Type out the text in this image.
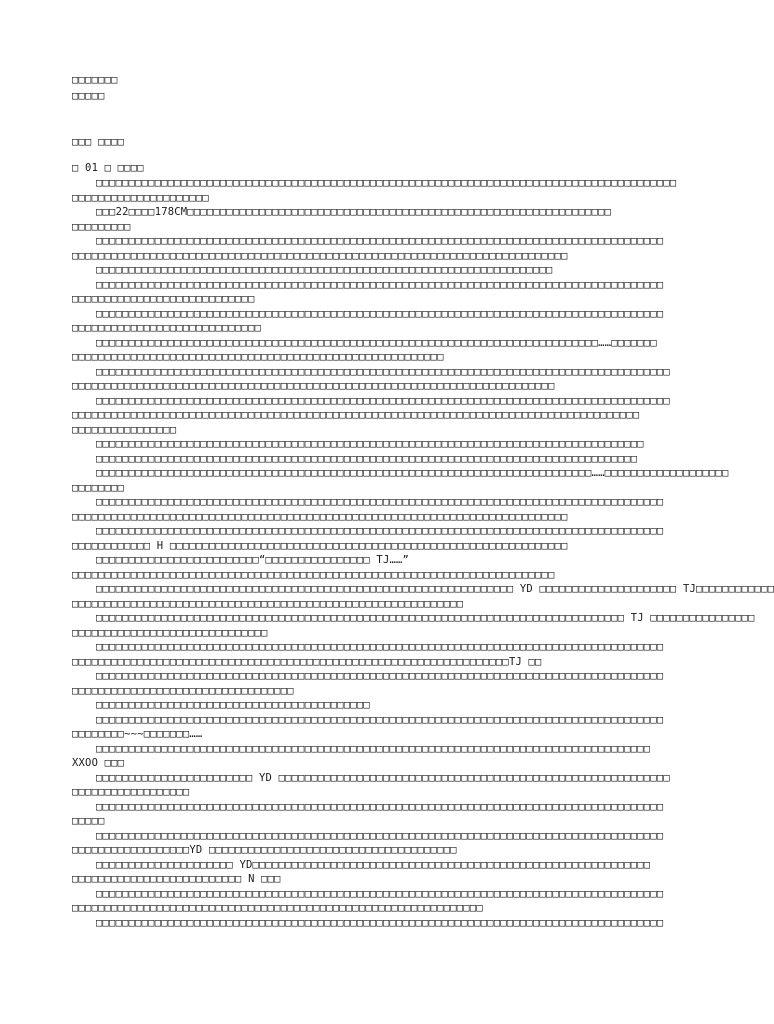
□□□□□□□
□□□□□
□□□ □□□□
□ 01 □ □□□□
□□□□□□□□□□□□□□□□□□□□□□□□□□□□□□□□□□□□□□□□□□□□□□□□□□□□□□□□□□□□□□□□□□□□□□□□□□□□□□□□□□□□□□□□□
□□□□□□□□□□□□□□□□□□□□□
□□□22□□□□178CM□□□□□□□□□□□□□□□□□□□□□□□□□□□□□□□□□□□□□□□□□□□□□□□□□□□□□□□□□□□□□□□□□
□□□□□□□□□
□□□□□□□□□□□□□□□□□□□□□□□□□□□□□□□□□□□□□□□□□□□□□□□□□□□□□□□□□□□□□□□□□□□□□□□□□□□□□□□□□□□□□□□
□□□□□□□□□□□□□□□□□□□□□□□□□□□□□□□□□□□□□□□□□□□□□□□□□□□□□□□□□□□□□□□□□□□□□□□□□□□□
□□□□□□□□□□□□□□□□□□□□□□□□□□□□□□□□□□□□□□□□□□□□□□□□□□□□□□□□□□□□□□□□□□□□□□
□□□□□□□□□□□□□□□□□□□□□□□□□□□□□□□□□□□□□□□□□□□□□□□□□□□□□□□□□□□□□□□□□□□□□□□□□□□□□□□□□□□□□□□
□□□□□□□□□□□□□□□□□□□□□□□□□□□□
□□□□□□□□□□□□□□□□□□□□□□□□□□□□□□□□□□□□□□□□□□□□□□□□□□□□□□□□□□□□□□□□□□□□□□□□□□□□□□□□□□□□□□□
□□□□□□□□□□□□□□□□□□□□□□□□□□□□□
□□□□□□□□□□□□□□□□□□□□□□□□□□□□□□□□□□□□□□□□□□□□□□□□□□□□□□□□□□□□□□□□□□□□□□□□□□□□□……□□□□□□□
□□□□□□□□□□□□□□□□□□□□□□□□□□□□□□□□□□□□□□□□□□□□□□□□□□□□□□□□□
□□□□□□□□□□□□□□□□□□□□□□□□□□□□□□□□□□□□□□□□□□□□□□□□□□□□□□□□□□□□□□□□□□□□□□□□□□□□□□□□□□□□□□□□
□□□□□□□□□□□□□□□□□□□□□□□□□□□□□□□□□□□□□□□□□□□□□□□□□□□□□□□□□□□□□□□□□□□□□□□□□□
□□□□□□□□□□□□□□□□□□□□□□□□□□□□□□□□□□□□□□□□□□□□□□□□□□□□□□□□□□□□□□□□□□□□□□□□□□□□□□□□□□□□□□□□
□□□□□□□□□□□□□□□□□□□□□□□□□□□□□□□□□□□□□□□□□□□□□□□□□□□□□□□□□□□□□□□□□□□□□□□□□□□□□□□□□□□□□□□
□□□□□□□□□□□□□□□□
□□□□□□□□□□□□□□□□□□□□□□□□□□□□□□□□□□□□□□□□□□□□□□□□□□□□□□□□□□□□□□□□□□□□□□□□□□□□□□□□□□□□
□□□□□□□□□□□□□□□□□□□□□□□□□□□□□□□□□□□□□□□□□□□□□□□□□□□□□□□□□□□□□□□□□□□□□□□□□□□□□□□□□□□
□□□□□□□□□□□□□□□□□□□□□□□□□□□□□□□□□□□□□□□□□□□□□□□□□□□□□□□□□□□□□□□□□□□□□□□□□□□□……□□□□□□□□□□□□□□□□□□□
□□□□□□□□
□□□□□□□□□□□□□□□□□□□□□□□□□□□□□□□□□□□□□□□□□□□□□□□□□□□□□□□□□□□□□□□□□□□□□□□□□□□□□□□□□□□□□□□
□□□□□□□□□□□□□□□□□□□□□□□□□□□□□□□□□□□□□□□□□□□□□□□□□□□□□□□□□□□□□□□□□□□□□□□□□□□□
□□□□□□□□□□□□□□□□□□□□□□□□□□□□□□□□□□□□□□□□□□□□□□□□□□□□□□□□□□□□□□□□□□□□□□□□□□□□□□□□□□□□□□□
□□□□□□□□□□□□ H □□□□□□□□□□□□□□□□□□□□□□□□□□□□□□□□□□□□□□□□□□□□□□□□□□□□□□□□□□□□□
□□□□□□□□□□□□□□□□□□□□□□□□□“□□□□□□□□□□□□□□□□ TJ……”
□□□□□□□□□□□□□□□□□□□□□□□□□□□□□□□□□□□□□□□□□□□□□□□□□□□□□□□□□□□□□□□□□□□□□□□□□□
□□□□□□□□□□□□□□□□□□□□□□□□□□□□□□□□□□□□□□□□□□□□□□□□□□□□□□□□□□□□□□□□ YD □□□□□□□□□□□□□□□□□□□□□ TJ□□□□□□□□□□□□
□□□□□□□□□□□□□□□□□□□□□□□□□□□□□□□□□□□□□□□□□□□□□□□□□□□□□□□□□□□□
□□□□□□□□□□□□□□□□□□□□□□□□□□□□□□□□□□□□□□□□□□□□□□□□□□□□□□□□□□□□□□□□□□□□□□□□□□□□□□□□□ TJ □□□□□□□□□□□□□□□□
□□□□□□□□□□□□□□□□□□□□□□□□□□□□□□
□□□□□□□□□□□□□□□□□□□□□□□□□□□□□□□□□□□□□□□□□□□□□□□□□□□□□□□□□□□□□□□□□□□□□□□□□□□□□□□□□□□□□□□
□□□□□□□□□□□□□□□□□□□□□□□□□□□□□□□□□□□□□□□□□□□□□□□□□□□□□□□□□□□□□□□□□□□TJ □□
□□□□□□□□□□□□□□□□□□□□□□□□□□□□□□□□□□□□□□□□□□□□□□□□□□□□□□□□□□□□□□□□□□□□□□□□□□□□□□□□□□□□□□□
□□□□□□□□□□□□□□□□□□□□□□□□□□□□□□□□□□
□□□□□□□□□□□□□□□□□□□□□□□□□□□□□□□□□□□□□□□□□□
□□□□□□□□□□□□□□□□□□□□□□□□□□□□□□□□□□□□□□□□□□□□□□□□□□□□□□□□□□□□□□□□□□□□□□□□□□□□□□□□□□□□□□□
□□□□□□□□~~~□□□□□□□……
□□□□□□□□□□□□□□□□□□□□□□□□□□□□□□□□□□□□□□□□□□□□□□□□□□□□□□□□□□□□□□□□□□□□□□□□□□□□□□□□□□□□□
XXOO □□□
□□□□□□□□□□□□□□□□□□□□□□□□ YD □□□□□□□□□□□□□□□□□□□□□□□□□□□□□□□□□□□□□□□□□□□□□□□□□□□□□□□□□□□□
□□□□□□□□□□□□□□□□□□
□□□□□□□□□□□□□□□□□□□□□□□□□□□□□□□□□□□□□□□□□□□□□□□□□□□□□□□□□□□□□□□□□□□□□□□□□□□□□□□□□□□□□□□
□□□□□
□□□□□□□□□□□□□□□□□□□□□□□□□□□□□□□□□□□□□□□□□□□□□□□□□□□□□□□□□□□□□□□□□□□□□□□□□□□□□□□□□□□□□□□
□□□□□□□□□□□□□□□□□□YD □□□□□□□□□□□□□□□□□□□□□□□□□□□□□□□□□□□□□□
□□□□□□□□□□□□□□□□□□□□□ YD□□□□□□□□□□□□□□□□□□□□□□□□□□□□□□□□□□□□□□□□□□□□□□□□□□□□□□□□□□□□□
□□□□□□□□□□□□□□□□□□□□□□□□□□ N □□□
□□□□□□□□□□□□□□□□□□□□□□□□□□□□□□□□□□□□□□□□□□□□□□□□□□□□□□□□□□□□□□□□□□□□□□□□□□□□□□□□□□□□□□□
□□□□□□□□□□□□□□□□□□□□□□□□□□□□□□□□□□□□□□□□□□□□□□□□□□□□□□□□□□□□□□□
□□□□□□□□□□□□□□□□□□□□□□□□□□□□□□□□□□□□□□□□□□□□□□□□□□□□□□□□□□□□□□□□□□□□□□□□□□□□□□□□□□□□□□□
